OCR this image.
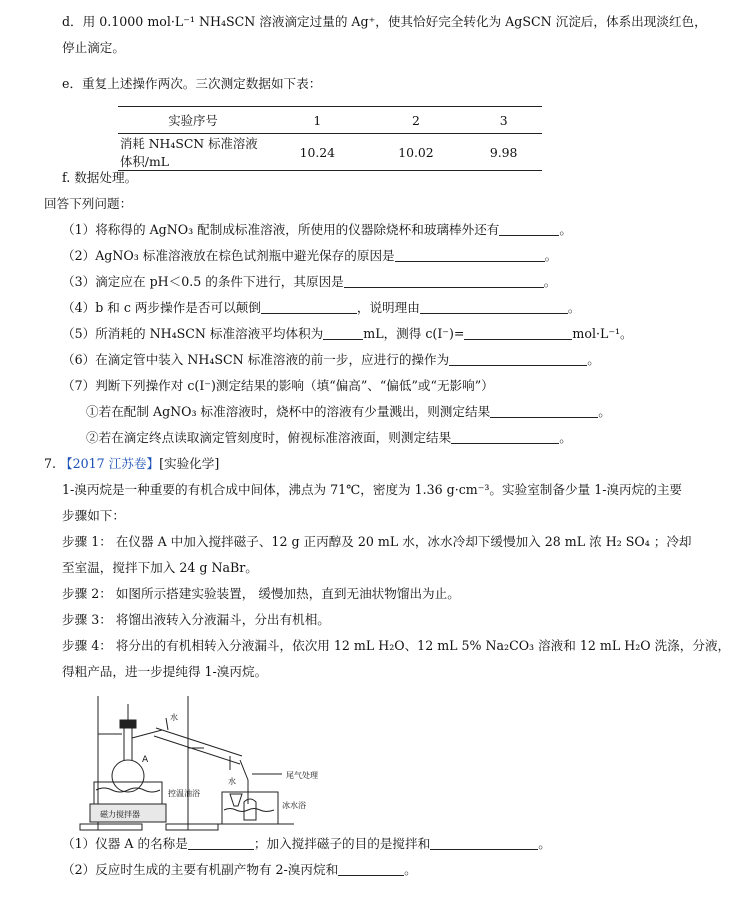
d．用 0.1000 mol·L⁻¹ NH₄SCN 溶液滴定过量的 Ag⁺，使其恰好完全转化为 AgSCN 沉淀后，体系出现淡红色，
停止滴定。
e．重复上述操作两次。三次测定数据如下表：
实验序号	1	2	3
消耗 NH₄SCN 标准溶液体积/mL	10.24	10.02	9.98
f. 数据处理。
回答下列问题：
（1）将称得的 AgNO₃ 配制成标准溶液，所使用的仪器除烧杯和玻璃棒外还有	。
（2）AgNO₃ 标准溶液放在棕色试剂瓶中避光保存的原因是	。
（3）滴定应在 pH＜0.5 的条件下进行，其原因是	。
（4）b 和 c 两步操作是否可以颠倒	，说明理由	。
（5）所消耗的 NH₄SCN 标准溶液平均体积为	mL，测得 c(I⁻)=	mol·L⁻¹。
（6）在滴定管中装入 NH₄SCN 标准溶液的前一步，应进行的操作为	。
（7）判断下列操作对 c(I⁻)测定结果的影响（填“偏高”、“偏低”或“无影响”）
①若在配制 AgNO₃ 标准溶液时，烧杯中的溶液有少量溅出，则测定结果	。
②若在滴定终点读取滴定管刻度时，俯视标准溶液面，则测定结果	。
7. 【2017 江苏卷】[实验化学]
1-溴丙烷是一种重要的有机合成中间体，沸点为 71℃，密度为 1.36 g·cm⁻³。实验室制备少量 1-溴丙烷的主要
步骤如下：
步骤 1： 在仪器 A 中加入搅拌磁子、12 g 正丙醇及 20 mL 水，冰水冷却下缓慢加入 28 mL 浓 H₂ SO₄ ；冷却
至室温，搅拌下加入 24 g NaBr。
步骤 2： 如图所示搭建实验装置， 缓慢加热，直到无油状物馏出为止。
步骤 3： 将馏出液转入分液漏斗，分出有机相。
步骤 4： 将分出的有机相转入分液漏斗，依次用 12 mL H₂O、12 mL 5% Na₂CO₃ 溶液和 12 mL H₂O 洗涤，分液，
得粗产品，进一步提纯得 1-溴丙烷。
A
水
水
控温油浴
磁力搅拌器
尾气处理
冰水浴
（1）仪器 A 的名称是	；加入搅拌磁子的目的是搅拌和	。
（2）反应时生成的主要有机副产物有 2-溴丙烷和	。
